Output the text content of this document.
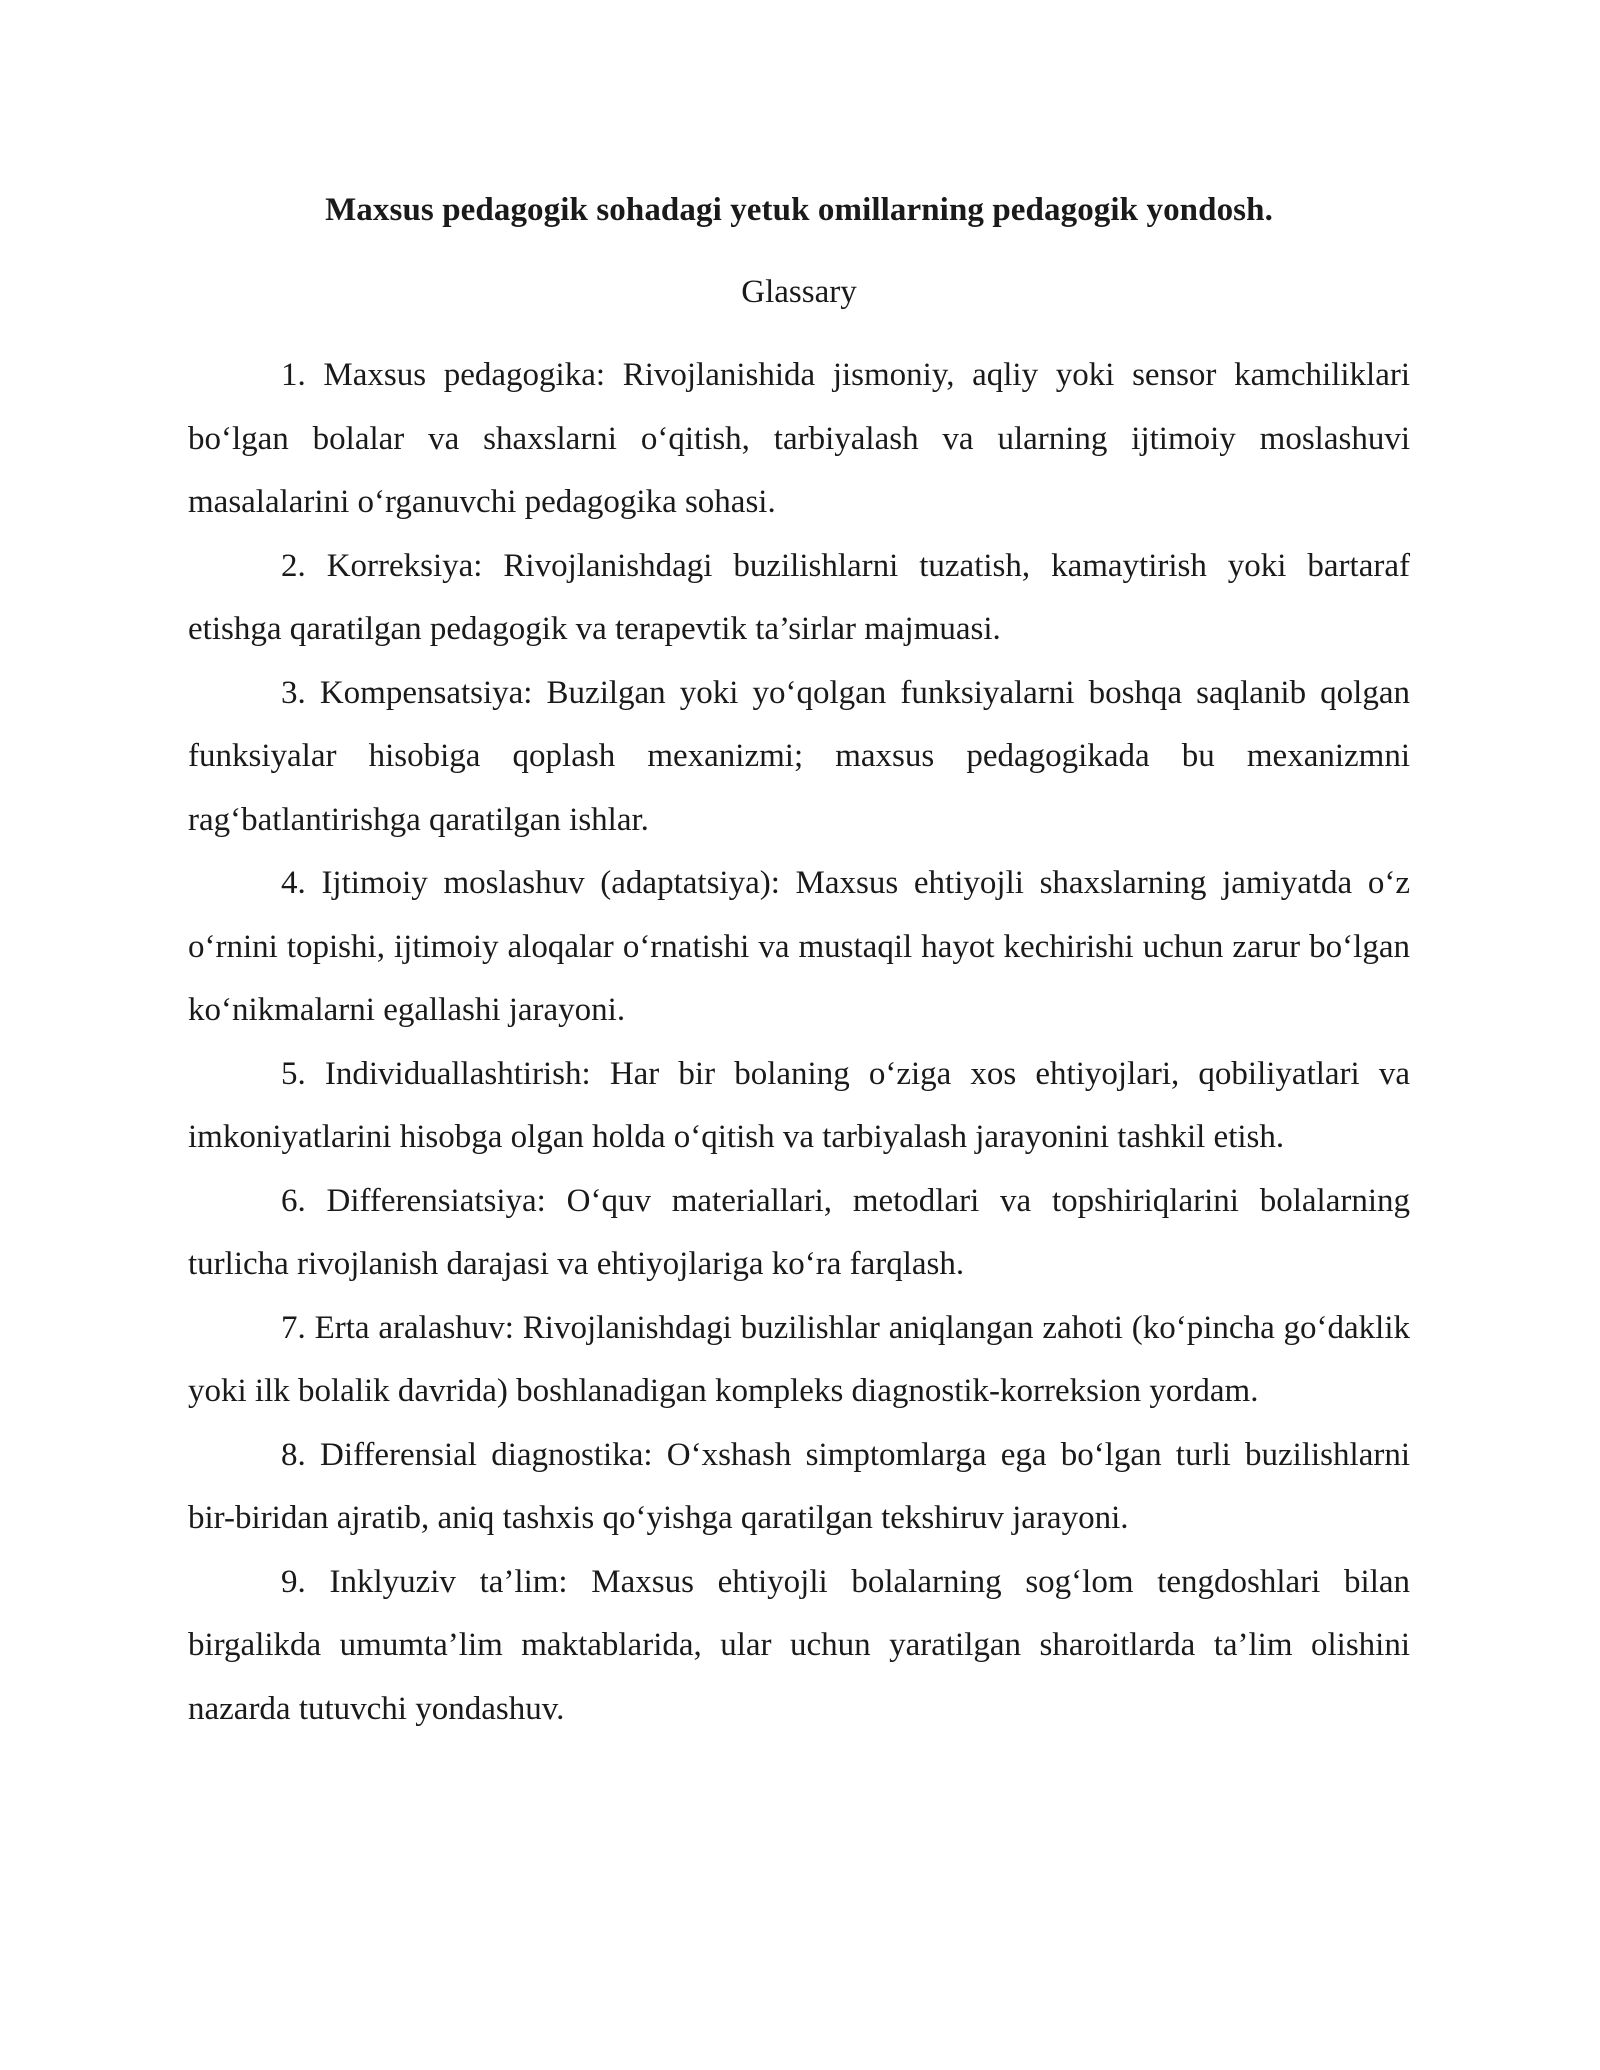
Maxsus pedagogik sohadagi yetuk omillarning pedagogik yondosh.
Glassary

1. Maxsus pedagogika: Rivojlanishida jismoniy, aqliy yoki sensor kamchiliklari bo‘lgan bolalar va shaxslarni o‘qitish, tarbiyalash va ularning ijtimoiy moslashuvi masalalarini o‘rganuvchi pedagogika sohasi.

2. Korreksiya: Rivojlanishdagi buzilishlarni tuzatish, kamaytirish yoki bartaraf etishga qaratilgan pedagogik va terapevtik ta’sirlar majmuasi.

3. Kompensatsiya: Buzilgan yoki yo‘qolgan funksiyalarni boshqa saqlanib qolgan funksiyalar hisobiga qoplash mexanizmi; maxsus pedagogikada bu mexanizmni rag‘batlantirishga qaratilgan ishlar.

4. Ijtimoiy moslashuv (adaptatsiya): Maxsus ehtiyojli shaxslarning jamiyatda o‘z o‘rnini topishi, ijtimoiy aloqalar o‘rnatishi va mustaqil hayot kechirishi uchun zarur bo‘lgan ko‘nikmalarni egallashi jarayoni.

5. Individuallashtirish: Har bir bolaning o‘ziga xos ehtiyojlari, qobiliyatlari va imkoniyatlarini hisobga olgan holda o‘qitish va tarbiyalash jarayonini tashkil etish.

6. Differensiatsiya: O‘quv materiallari, metodlari va topshiriqlarini bolalarning turlicha rivojlanish darajasi va ehtiyojlariga ko‘ra farqlash.

7. Erta aralashuv: Rivojlanishdagi buzilishlar aniqlangan zahoti (ko‘pincha go‘daklik yoki ilk bolalik davrida) boshlanadigan kompleks diagnostik-korreksion yordam.

8. Differensial diagnostika: O‘xshash simptomlarga ega bo‘lgan turli buzilishlarni bir-biridan ajratib, aniq tashxis qo‘yishga qaratilgan tekshiruv jarayoni.

9. Inklyuziv ta’lim: Maxsus ehtiyojli bolalarning sog‘lom tengdoshlari bilan birgalikda umumta’lim maktablarida, ular uchun yaratilgan sharoitlarda ta’lim olishini nazarda tutuvchi yondashuv.
